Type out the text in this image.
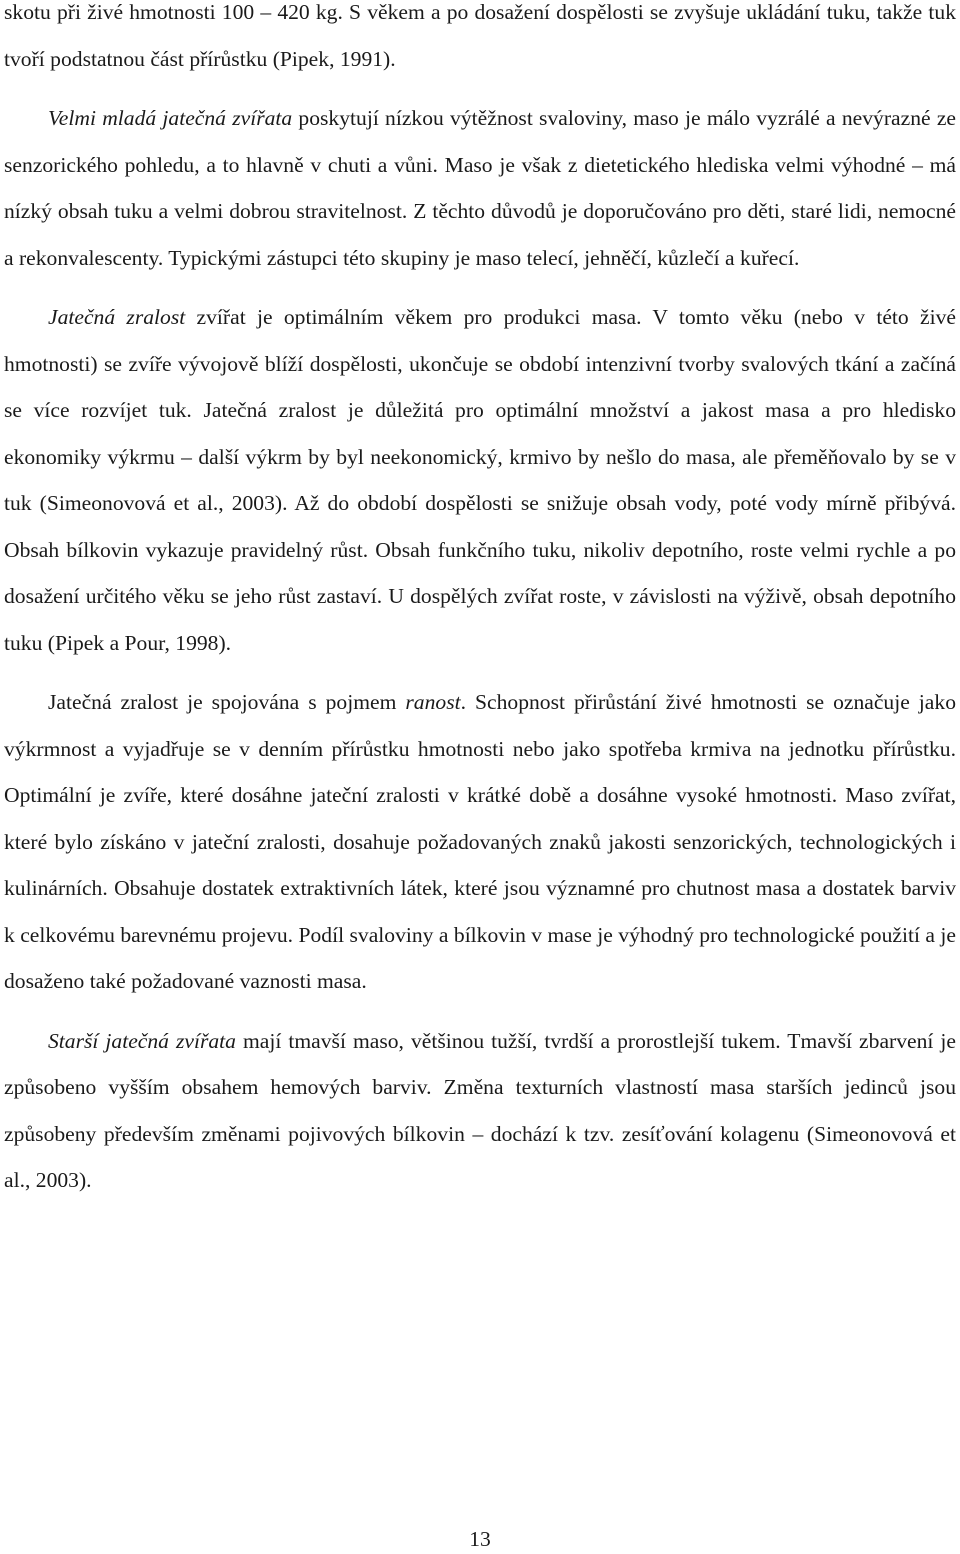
skotu při živé hmotnosti 100 – 420 kg. S věkem a po dosažení dospělosti se zvyšuje ukládání tuku, takže tuk tvoří podstatnou část přírůstku (Pipek, 1991).

Velmi mladá jatečná zvířata poskytují nízkou výtěžnost svaloviny, maso je málo vyzrálé a nevýrazné ze senzorického pohledu, a to hlavně v chuti a vůni. Maso je však z dietetického hlediska velmi výhodné – má nízký obsah tuku a velmi dobrou stravitelnost. Z těchto důvodů je doporučováno pro děti, staré lidi, nemocné a rekonvalescenty. Typickými zástupci této skupiny je maso telecí, jehněčí, kůzlečí a kuřecí.

Jatečná zralost zvířat je optimálním věkem pro produkci masa. V tomto věku (nebo v této živé hmotnosti) se zvíře vývojově blíží dospělosti, ukončuje se období intenzivní tvorby svalových tkání a začíná se více rozvíjet tuk. Jatečná zralost je důležitá pro optimální množství a jakost masa a pro hledisko ekonomiky výkrmu – další výkrm by byl neekonomický, krmivo by nešlo do masa, ale přeměňovalo by se v tuk (Simeonovová et al., 2003). Až do období dospělosti se snižuje obsah vody, poté vody mírně přibývá. Obsah bílkovin vykazuje pravidelný růst. Obsah funkčního tuku, nikoliv depotního, roste velmi rychle a po dosažení určitého věku se jeho růst zastaví. U dospělých zvířat roste, v závislosti na výživě, obsah depotního tuku (Pipek a Pour, 1998).

Jatečná zralost je spojována s pojmem ranost. Schopnost přirůstání živé hmotnosti se označuje jako výkrmnost a vyjadřuje se v denním přírůstku hmotnosti nebo jako spotřeba krmiva na jednotku přírůstku. Optimální je zvíře, které dosáhne jateční zralosti v krátké době a dosáhne vysoké hmotnosti. Maso zvířat, které bylo získáno v jateční zralosti, dosahuje požadovaných znaků jakosti senzorických, technologických i kulinárních. Obsahuje dostatek extraktivních látek, které jsou významné pro chutnost masa a dostatek barviv k celkovému barevnému projevu. Podíl svaloviny a bílkovin v mase je výhodný pro technologické použití a je dosaženo také požadované vaznosti masa.

Starší jatečná zvířata mají tmavší maso, většinou tužší, tvrdší a prorostlejší tukem. Tmavší zbarvení je způsobeno vyšším obsahem hemových barviv. Změna texturních vlastností masa starších jedinců jsou způsobeny především změnami pojivových bílkovin – dochází k tzv. zesíťování kolagenu (Simeonovová et al., 2003).

13
